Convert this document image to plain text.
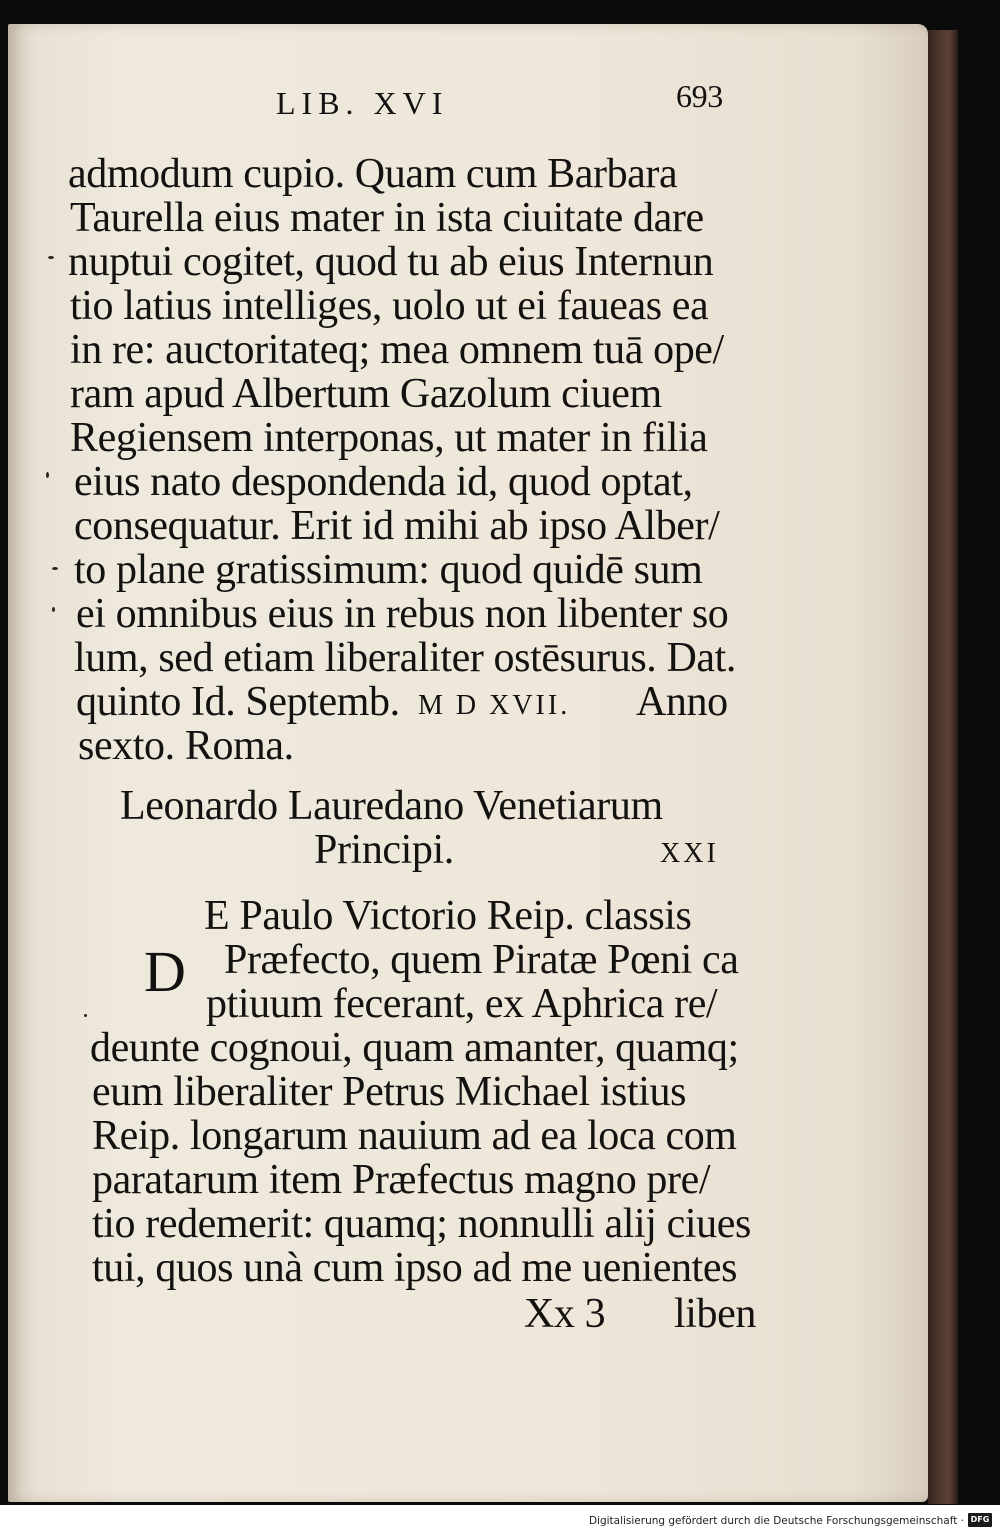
LIB. XVI	693
admodum cupio. Quam cum Barbara
Taurella eius mater in ista ciuitate dare
nuptui cogitet, quod tu ab eius Internun
tio latius intelliges, uolo ut ei faueas ea
in re: auctoritateq; mea omnem tuā ope/
ram apud Albertum Gazolum ciuem
Regiensem interponas, ut mater in filia
eius nato despondenda id, quod optat,
consequatur. Erit id mihi ab ipso Alber/
to plane gratissimum: quod quidē sum
ei omnibus eius in rebus non libenter so
lum, sed etiam liberaliter ostēsurus. Dat.
quinto Id. Septemb. M D XVII. Anno
sexto. Roma.
Leonardo Lauredano Venetiarum
Principi.	XXI
D
E Paulo Victorio Reip. classis
Præfecto, quem Piratæ Pœni ca
ptiuum fecerant, ex Aphrica re/
deunte cognoui, quam amanter, quamq;
eum liberaliter Petrus Michael istius
Reip. longarum nauium ad ea loca com
paratarum item Præfectus magno pre/
tio redemerit: quamq; nonnulli alij ciues
tui, quos unà cum ipso ad me uenientes
Xx 3 liben
Digitalisierung gefördert durch die Deutsche Forschungsgemeinschaft · DFG
